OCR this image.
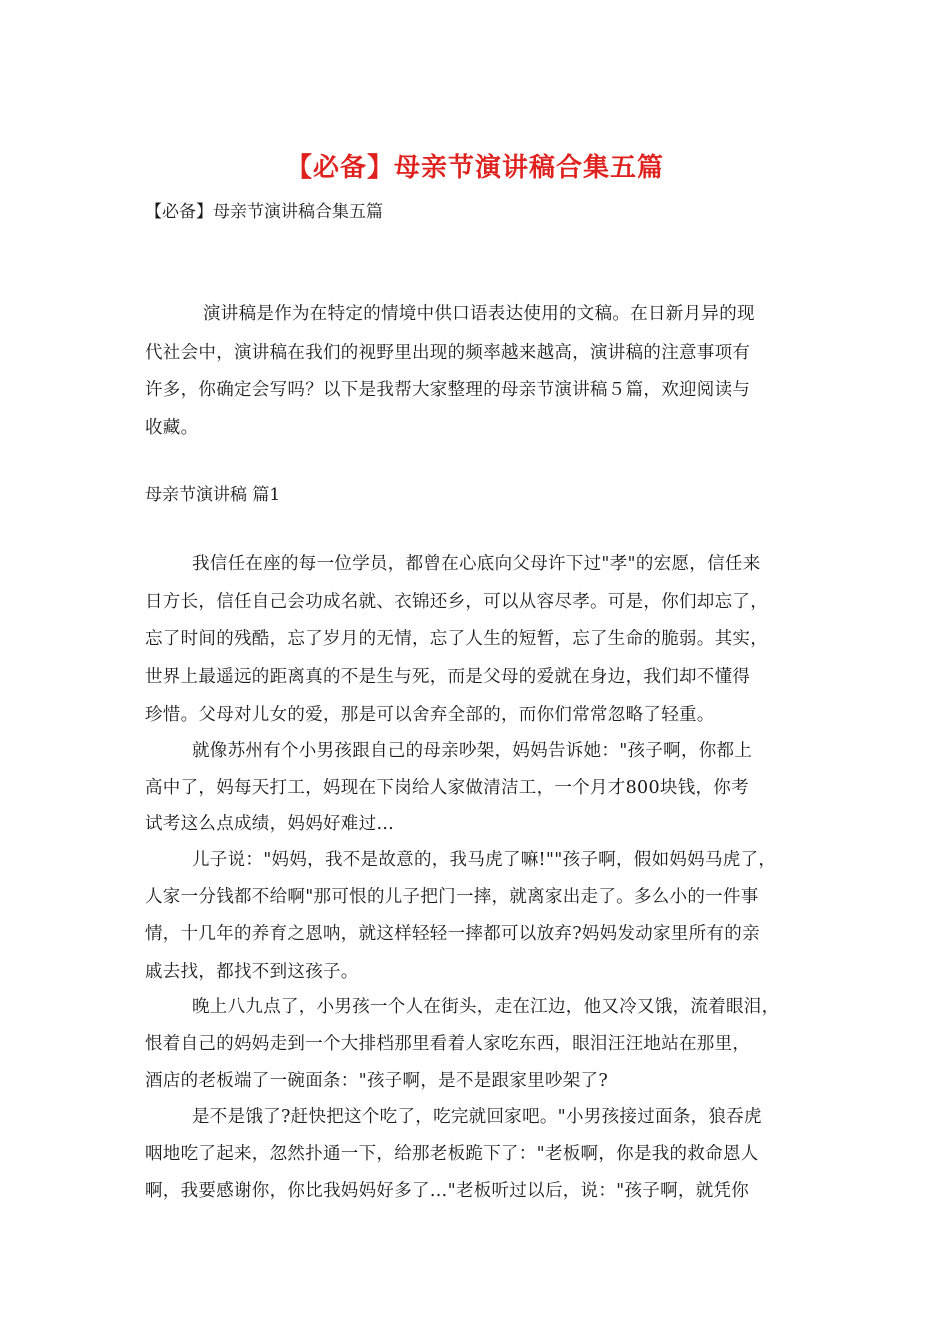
【必备】母亲节演讲稿合集五篇
【必备】母亲节演讲稿合集五篇
演讲稿是作为在特定的情境中供口语表达使用的文稿。在日新月异的现
代社会中，演讲稿在我们的视野里出现的频率越来越高，演讲稿的注意事项有
许多，你确定会写吗？以下是我帮大家整理的母亲节演讲稿５篇，欢迎阅读与
收藏。
母亲节演讲稿 篇1
我信任在座的每一位学员，都曾在心底向父母许下过"孝"的宏愿，信任来
日方长，信任自己会功成名就、衣锦还乡，可以从容尽孝。可是，你们却忘了，
忘了时间的残酷，忘了岁月的无情，忘了人生的短暂，忘了生命的脆弱。其实，
世界上最遥远的距离真的不是生与死，而是父母的爱就在身边，我们却不懂得
珍惜。父母对儿女的爱，那是可以舍弃全部的，而你们常常忽略了轻重。
就像苏州有个小男孩跟自己的母亲吵架，妈妈告诉她："孩子啊，你都上
高中了，妈每天打工，妈现在下岗给人家做清洁工，一个月才800块钱，你考
试考这么点成绩，妈妈好难过…
儿子说："妈妈，我不是故意的，我马虎了嘛!""孩子啊，假如妈妈马虎了，
人家一分钱都不给啊"那可恨的儿子把门一摔，就离家出走了。多么小的一件事
情，十几年的养育之恩呐，就这样轻轻一摔都可以放弃?妈妈发动家里所有的亲
戚去找，都找不到这孩子。
晚上八九点了，小男孩一个人在街头，走在江边，他又冷又饿，流着眼泪，
恨着自己的妈妈走到一个大排档那里看着人家吃东西，眼泪汪汪地站在那里，
酒店的老板端了一碗面条："孩子啊，是不是跟家里吵架了?
是不是饿了?赶快把这个吃了，吃完就回家吧。"小男孩接过面条，狼吞虎
咽地吃了起来，忽然扑通一下，给那老板跪下了："老板啊，你是我的救命恩人
啊，我要感谢你，你比我妈妈好多了…"老板听过以后，说："孩子啊，就凭你
